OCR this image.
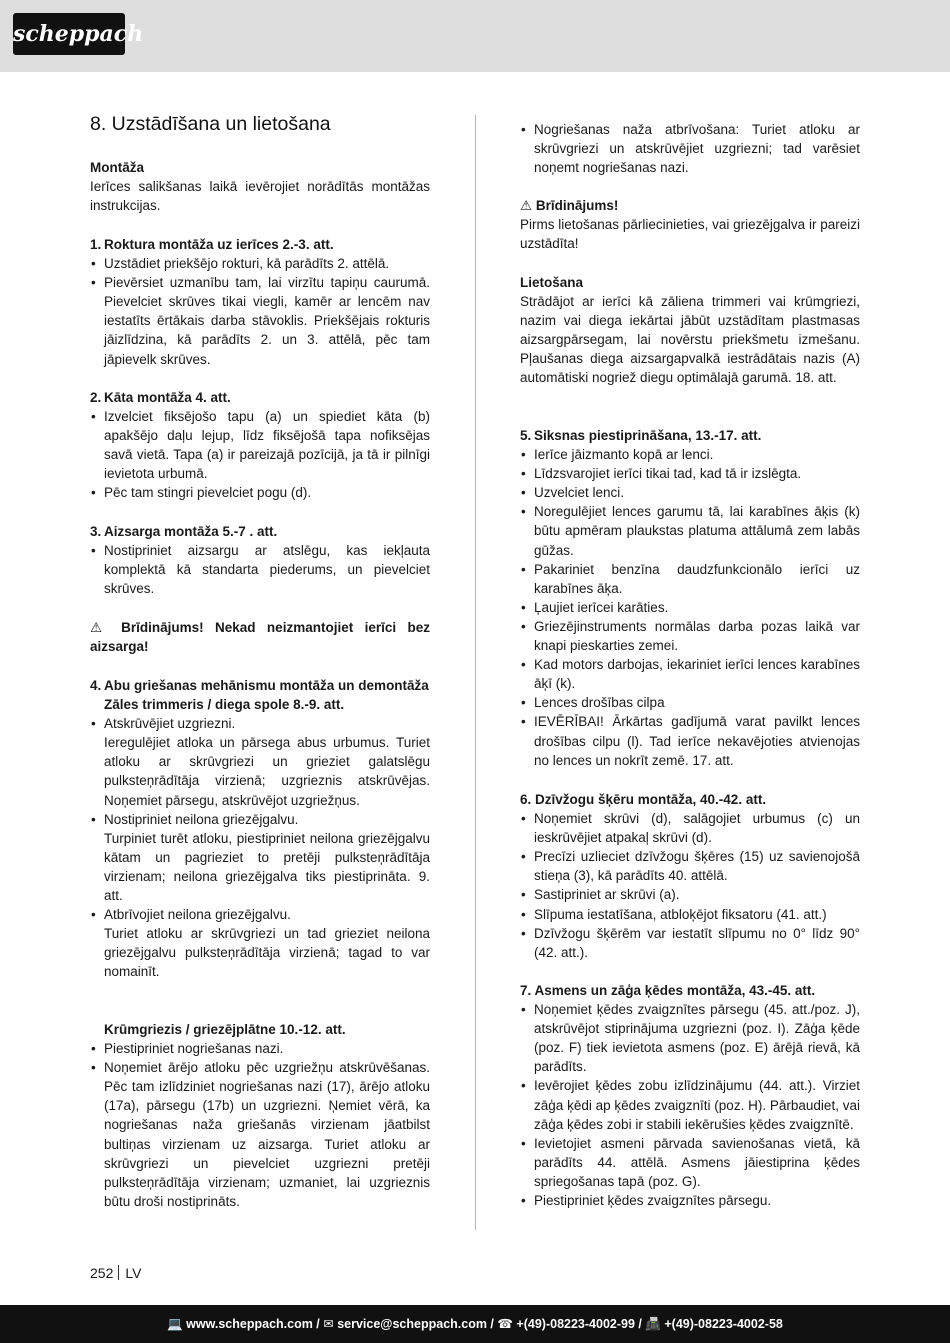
scheppach
8. Uzstādīšana un lietošana
Montāža
Ierīces salikšanas laikā ievērojiet norādītās montāžas instrukcijas.
1. Roktura montāža uz ierīces 2.-3. att.
• Uzstādiet priekšējo rokturi, kā parādīts 2. attēlā.
• Pievērsiet uzmanību tam, lai virzītu tapiņu caurumā. Pievelciet skrūves tikai viegli, kamēr ar lencēm nav iestatīts ērtākais darba stāvoklis. Priekšējais rokturis jāizlīdzina, kā parādīts 2. un 3. attēlā, pēc tam jāpievelk skrūves.
2. Kāta montāža 4. att.
• Izvelciet fiksējošo tapu (a) un spiediet kāta (b) apakšējo daļu lejup, līdz fiksējošā tapa nofiksējas savā vietā. Tapa (a) ir pareizajā pozīcijā, ja tā ir pilnīgi ievietota urbumā.
• Pēc tam stingri pievelciet pogu (d).
3. Aizsarga montāža 5.-7 . att.
• Nostipriniet aizsargu ar atslēgu, kas iekļauta komplektā kā standarta piederums, un pievelciet skrūves.
⚠ Brīdinājums! Nekad neizmantojiet ierīci bez aizsarga!
4. Abu griešanas mehānismu montāža un demontāža
Zāles trimmeris / diega spole 8.-9. att.
• Atskrūvējiet uzgriezni.
Ieregulējiet atloka un pārsega abus urbumus. Turiet atloku ar skrūvgriezi un grieziet galatslēgu pulksteņrādītāja virzienā; uzgrieznis atskrūvējas. Noņemiet pārsegu, atskrūvējot uzgriežņus.
• Nostipriniet neilona griezējgalvu.
Turpiniet turēt atloku, piestipriniet neilona griezējgalvu kātam un pagrieziet to pretēji pulksteņrādītāja virzienam; neilona griezējgalva tiks piestiprināta. 9. att.
• Atbrīvojiet neilona griezējgalvu.
Turiet atloku ar skrūvgriezi un tad grieziet neilona griezējgalvu pulksteņrādītāja virzienā; tagad to var nomainīt.
Krūmgriezis / griezējplātne 10.-12. att.
• Piestipriniet nogriešanas nazi.
• Noņemiet ārējo atloku pēc uzgriežņu atskrūvēšanas. Pēc tam izlīdziniet nogriešanas nazi (17), ārējo atloku (17a), pārsegu (17b) un uzgriezni. Ņemiet vērā, ka nogriešanas naža griešanās virzienam jāatbilst bultiņas virzienam uz aizsarga. Turiet atloku ar skrūvgriezi un pievelciet uzgriezni pretēji pulksteņrādītāja virzienam; uzmaniet, lai uzgrieznis būtu droši nostiprināts.
• Nogriešanas naža atbrīvošana: Turiet atloku ar skrūvgriezi un atskrūvējiet uzgriezni; tad varēsiet noņemt nogriešanas nazi.
⚠ Brīdinājums!
Pirms lietošanas pārliecinieties, vai griezējgalva ir pareizi uzstādīta!
Lietošana
Strādājot ar ierīci kā zāliena trimmeri vai krūmgriezi, nazim vai diega iekārtai jābūt uzstādītam plastmasas aizsargpārsegam, lai novērstu priekšmetu izmešanu. Pļaušanas diega aizsargapvalkā iestrādātais nazis (A) automātiski nogriež diegu optimālajā garumā. 18. att.
5. Siksnas piestiprināšana, 13.-17. att.
• Ierīce jāizmanto kopā ar lenci.
• Līdzsvarojiet ierīci tikai tad, kad tā ir izslēgta.
• Uzvelciet lenci.
• Noregulējiet lences garumu tā, lai karabīnes āķis (k) būtu apmēram plaukstas platuma attālumā zem labās gūžas.
• Pakariniet benzīna daudzfunkcionālo ierīci uz karabīnes āķa.
• Ļaujiet ierīcei karāties.
• Griezējinstruments normālas darba pozas laikā var knapi pieskarties zemei.
• Kad motors darbojas, iekariniet ierīci lences karabīnes āķī (k).
• Lences drošības cilpa
• IEVĒRĪBAI! Ārkārtas gadījumā varat pavilkt lences drošības cilpu (l). Tad ierīce nekavējoties atvienojas no lences un nokrīt zemē. 17. att.
6. Dzīvžogu šķēru montāža, 40.-42. att.
• Noņemiet skrūvi (d), salāgojiet urbumus (c) un ieskrūvējiet atpakaļ skrūvi (d).
• Precīzi uzlieciet dzīvžogu šķēres (15) uz savienojošā stieņa (3), kā parādīts 40. attēlā.
• Sastipriniet ar skrūvi (a).
• Slīpuma iestatīšana, atbloķējot fiksatoru (41. att.)
• Dzīvžogu šķērēm var iestatīt slīpumu no 0° līdz 90° (42. att.).
7. Asmens un zāģa ķēdes montāža, 43.-45. att.
• Noņemiet ķēdes zvaigznītes pārsegu (45. att./poz. J), atskrūvējot stiprinājuma uzgriezni (poz. I). Zāģa ķēde (poz. F) tiek ievietota asmens (poz. E) ārējā rievā, kā parādīts.
• Ievērojiet ķēdes zobu izlīdzinājumu (44. att.). Virziet zāģa ķēdi ap ķēdes zvaigznīti (poz. H). Pārbaudiet, vai zāģa ķēdes zobi ir stabili iekērušies ķēdes zvaigznītē.
• Ievietojiet asmeni pārvada savienošanas vietā, kā parādīts 44. attēlā. Asmens jāiestiprina ķēdes spriegošanas tapā (poz. G).
• Piestipriniet ķēdes zvaigznītes pārsegu.
252 LV
💻 www.scheppach.com / ✉ service@scheppach.com / ☎ +(49)-08223-4002-99 / 📠 +(49)-08223-4002-58
